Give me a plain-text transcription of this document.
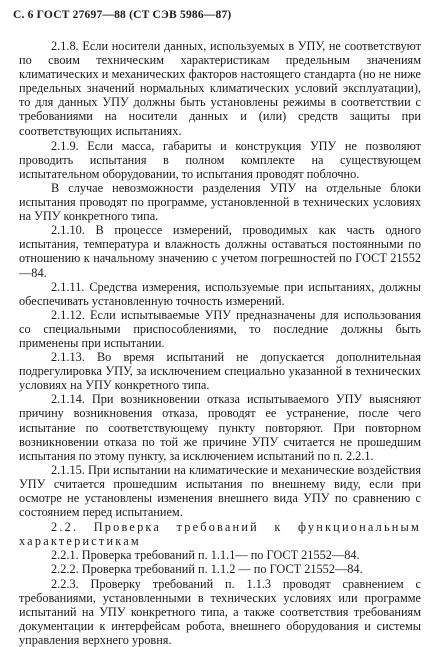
С. 6 ГОСТ 27697—88 (СТ СЭВ 5986—87)

2.1.8. Если носители данных, используемых в УПУ, не соответствуют по своим техническим характеристикам предельным значениям климатических и механических факторов настоящего стандарта (но не ниже предельных значений нормальных климатических условий эксплуатации), то для данных УПУ должны быть установлены режимы в соответствии с требованиями на носители данных и (или) средств защиты при соответствующих испытаниях.

2.1.9. Если масса, габариты и конструкция УПУ не позволяют проводить испытания в полном комплекте на существующем испытательном оборудовании, то испытания проводят поблочно.

В случае невозможности разделения УПУ на отдельные блоки испытания проводят по программе, установленной в технических условиях на УПУ конкретного типа.

2.1.10. В процессе измерений, проводимых как часть одного испытания, температура и влажность должны оставаться постоянными по отношению к начальному значению с учетом погрешностей по ГОСТ 21552—84.

2.1.11. Средства измерения, используемые при испытаниях, должны обеспечивать установленную точность измерений.

2.1.12. Если испытываемые УПУ предназначены для использования со специальными приспособлениями, то последние должны быть применены при испытании.

2.1.13. Во время испытаний не допускается дополнительная подрегулировка УПУ, за исключением специально указанной в технических условиях на УПУ конкретного типа.

2.1.14. При возникновении отказа испытываемого УПУ выясняют причину возникновения отказа, проводят ее устранение, после чего испытание по соответствующему пункту повторяют. При повторном возникновении отказа по той же причине УПУ считается не прошедшим испытания по этому пункту, за исключением испытаний по п. 2.2.1.

2.1.15. При испытании на климатические и механические воздействия УПУ считается прошедшим испытания по внешнему виду, если при осмотре не установлены изменения внешнего вида УПУ по сравнению с состоянием перед испытанием.

2.2. Проверка требований к функциональным характеристикам

2.2.1. Проверка требований п. 1.1.1— по ГОСТ 21552—84.

2.2.2. Проверка требований п. 1.1.2 — по ГОСТ 21552—84.

2.2.3. Проверку требований п. 1.1.3 проводят сравнением с требованиями, установленными в технических условиях или программе испытаний на УПУ конкретного типа, а также соответствия требованиям документации к интерфейсам робота, внешнего оборудования и системы управления верхнего уровня.
